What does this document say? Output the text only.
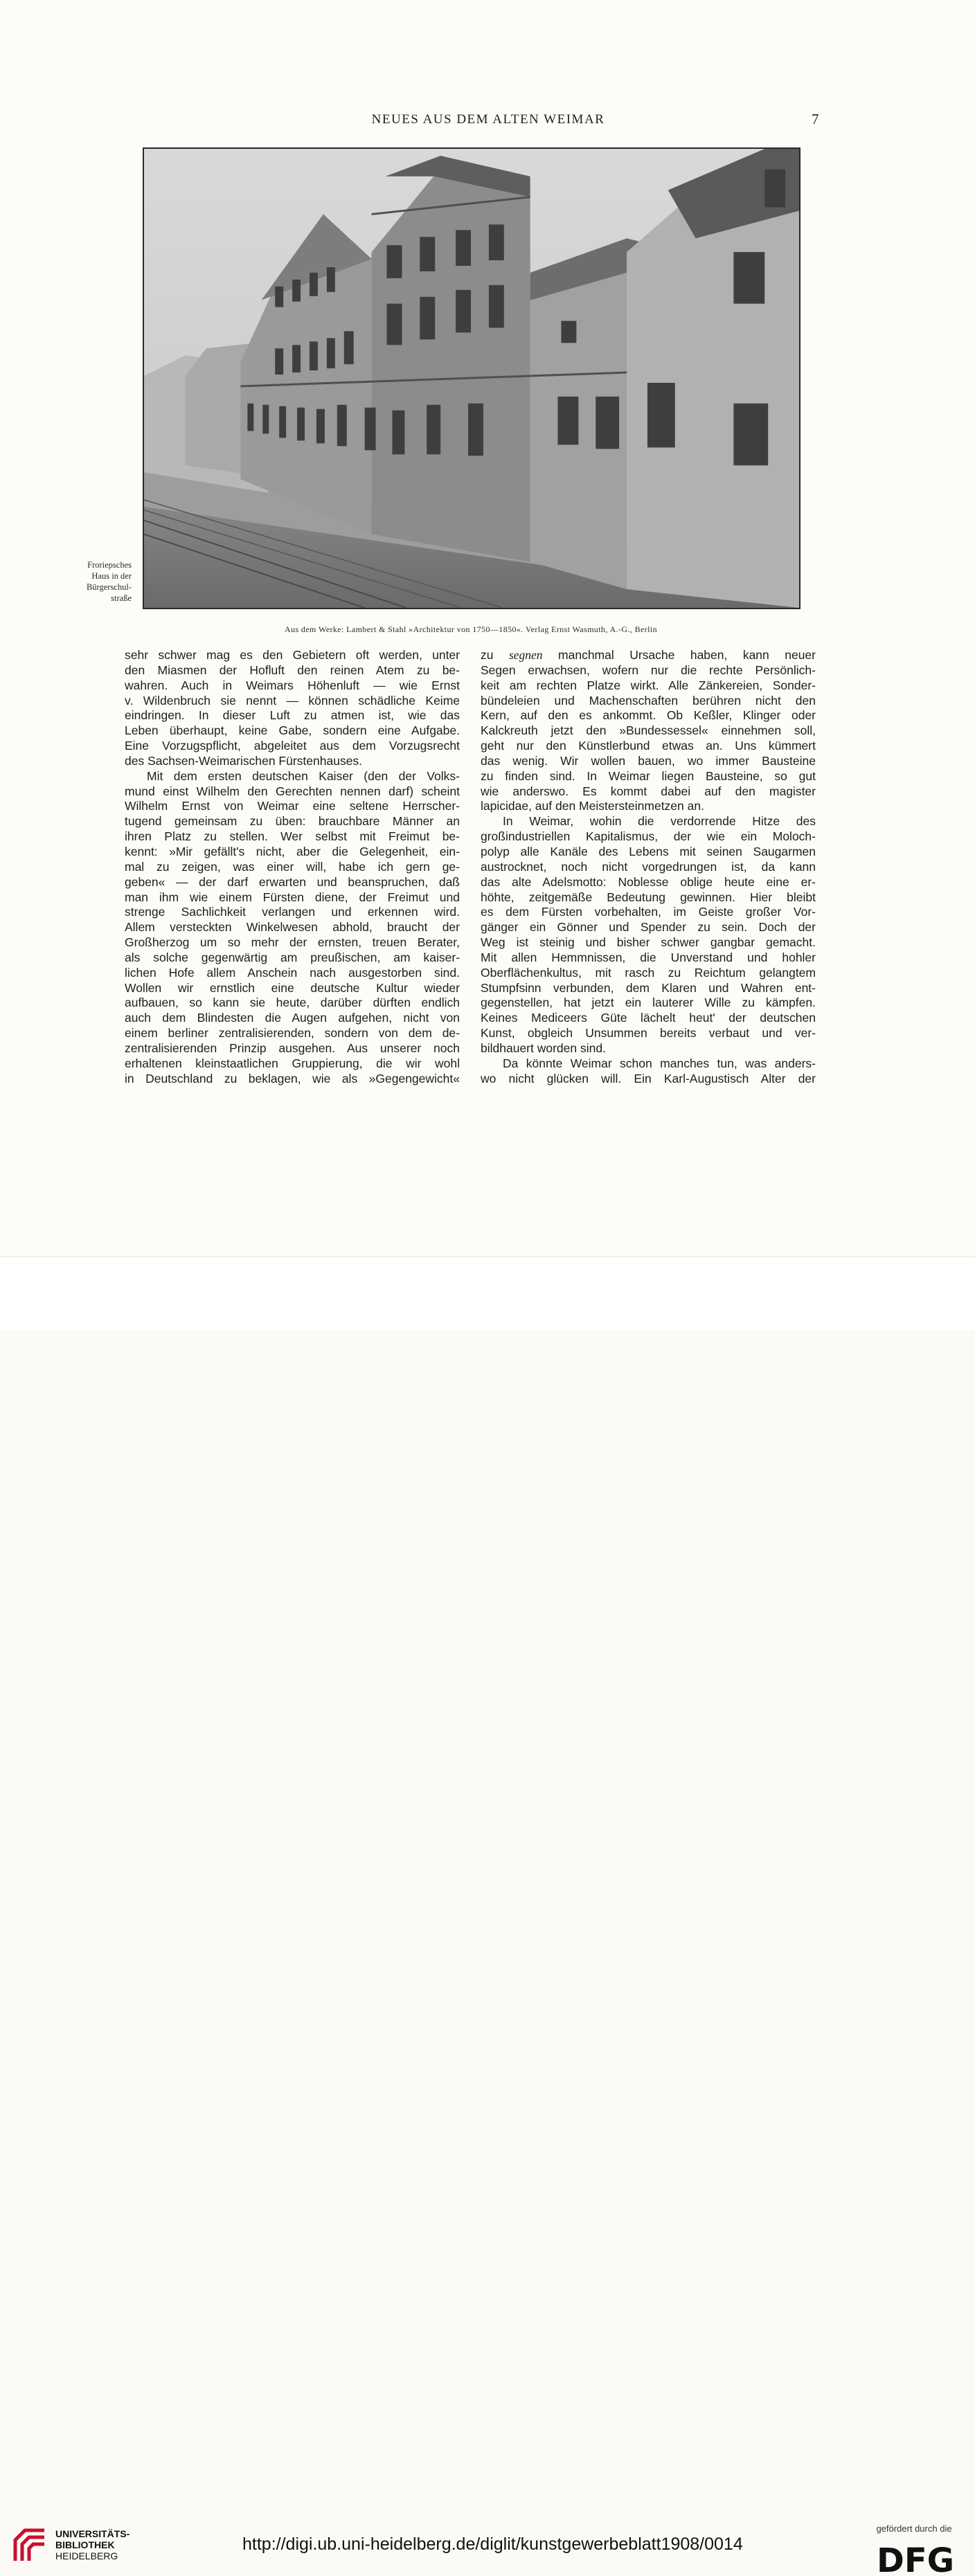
NEUES AUS DEM ALTEN WEIMAR	7
Froriepsches
Haus in der
Bürgerschul-
straße
Aus dem Werke: Lambert & Stahl »Architektur von 1750—1850«. Verlag Ernst Wasmuth, A.-G., Berlin
sehr schwer mag es den Gebietern oft werden, unter
den Miasmen der Hofluft den reinen Atem zu be-
wahren. Auch in Weimars Höhenluft — wie Ernst
v. Wildenbruch sie nennt — können schädliche Keime
eindringen. In dieser Luft zu atmen ist, wie das
Leben überhaupt, keine Gabe, sondern eine Aufgabe.
Eine Vorzugspflicht, abgeleitet aus dem Vorzugsrecht
des Sachsen-Weimarischen Fürstenhauses.
Mit dem ersten deutschen Kaiser (den der Volks-
mund einst Wilhelm den Gerechten nennen darf) scheint
Wilhelm Ernst von Weimar eine seltene Herrscher-
tugend gemeinsam zu üben: brauchbare Männer an
ihren Platz zu stellen. Wer selbst mit Freimut be-
kennt: »Mir gefällt's nicht, aber die Gelegenheit, ein-
mal zu zeigen, was einer will, habe ich gern ge-
geben« — der darf erwarten und beanspruchen, daß
man ihm wie einem Fürsten diene, der Freimut und
strenge Sachlichkeit verlangen und erkennen wird.
Allem versteckten Winkelwesen abhold, braucht der
Großherzog um so mehr der ernsten, treuen Berater,
als solche gegenwärtig am preußischen, am kaiser-
lichen Hofe allem Anschein nach ausgestorben sind.
Wollen wir ernstlich eine deutsche Kultur wieder
aufbauen, so kann sie heute, darüber dürften endlich
auch dem Blindesten die Augen aufgehen, nicht von
einem berliner zentralisierenden, sondern von dem de-
zentralisierenden Prinzip ausgehen. Aus unserer noch
erhaltenen kleinstaatlichen Gruppierung, die wir wohl
in Deutschland zu beklagen, wie als »Gegengewicht«
zu segnen manchmal Ursache haben, kann neuer
Segen erwachsen, wofern nur die rechte Persönlich-
keit am rechten Platze wirkt. Alle Zänkereien, Sonder-
bündeleien und Machenschaften berühren nicht den
Kern, auf den es ankommt. Ob Keßler, Klinger oder
Kalckreuth jetzt den »Bundessessel« einnehmen soll,
geht nur den Künstlerbund etwas an. Uns kümmert
das wenig. Wir wollen bauen, wo immer Bausteine
zu finden sind. In Weimar liegen Bausteine, so gut
wie anderswo. Es kommt dabei auf den magister
lapicidae, auf den Meistersteinmetzen an.
In Weimar, wohin die verdorrende Hitze des
großindustriellen Kapitalismus, der wie ein Moloch-
polyp alle Kanäle des Lebens mit seinen Saugarmen
austrocknet, noch nicht vorgedrungen ist, da kann
das alte Adelsmotto: Noblesse oblige heute eine er-
höhte, zeitgemäße Bedeutung gewinnen. Hier bleibt
es dem Fürsten vorbehalten, im Geiste großer Vor-
gänger ein Gönner und Spender zu sein. Doch der
Weg ist steinig und bisher schwer gangbar gemacht.
Mit allen Hemmnissen, die Unverstand und hohler
Oberflächenkultus, mit rasch zu Reichtum gelangtem
Stumpfsinn verbunden, dem Klaren und Wahren ent-
gegenstellen, hat jetzt ein lauterer Wille zu kämpfen.
Keines Mediceers Güte lächelt heut' der deutschen
Kunst, obgleich Unsummen bereits verbaut und ver-
bildhauert worden sind.
Da könnte Weimar schon manches tun, was anders-
wo nicht glücken will. Ein Karl-Augustisch Alter der
UNIVERSITÄTS-
BIBLIOTHEK
HEIDELBERG
http://digi.ub.uni-heidelberg.de/diglit/kunstgewerbeblatt1908/0014
gefördert durch die
DFG
